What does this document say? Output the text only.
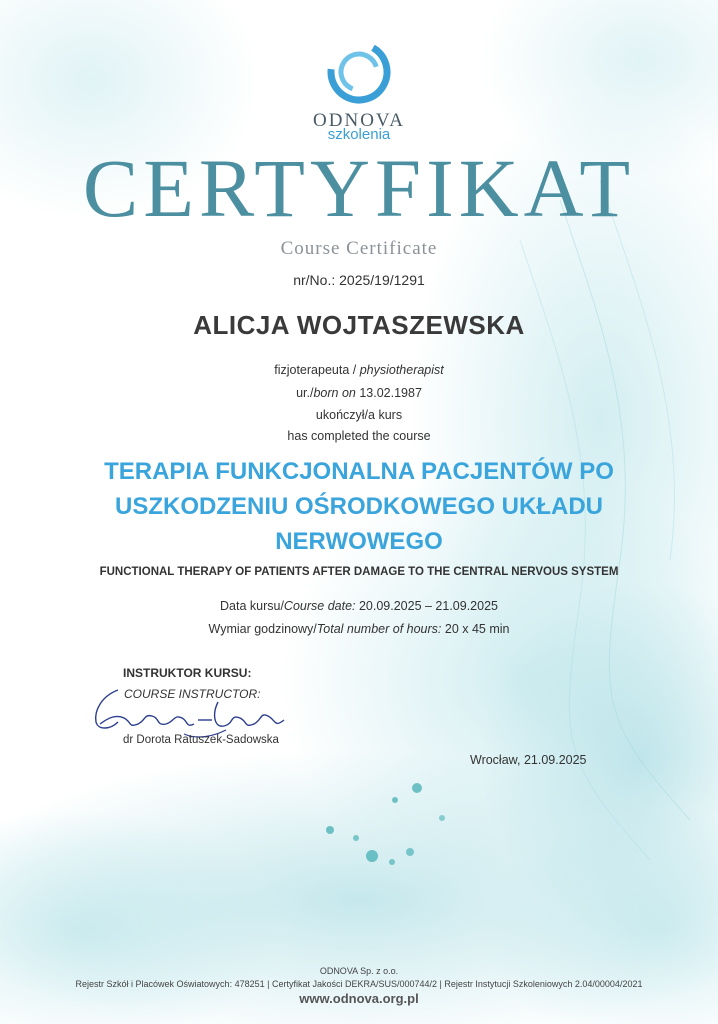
ODNOVA
szkolenia
CERTYFIKAT
Course Certificate
nr/No.: 2025/19/1291
ALICJA WOJTASZEWSKA
fizjoterapeuta / physiotherapist
ur./born on 13.02.1987
ukończył/a kurs
has completed the course
TERAPIA FUNKCJONALNA PACJENTÓW PO
USZKODZENIU OŚRODKOWEGO UKŁADU
NERWOWEGO
FUNCTIONAL THERAPY OF PATIENTS AFTER DAMAGE TO THE CENTRAL NERVOUS SYSTEM
Data kursu/Course date: 20.09.2025 – 21.09.2025
Wymiar godzinowy/Total number of hours: 20 x 45 min
INSTRUKTOR KURSU:
COURSE INSTRUCTOR:
dr Dorota Ratuszek-Sadowska
Wrocław, 21.09.2025
ODNOVA Sp. z o.o.
Rejestr Szkół i Placówek Oświatowych: 478251 | Certyfikat Jakości DEKRA/SUS/000744/2 | Rejestr Instytucji Szkoleniowych 2.04/00004/2021
www.odnova.org.pl
